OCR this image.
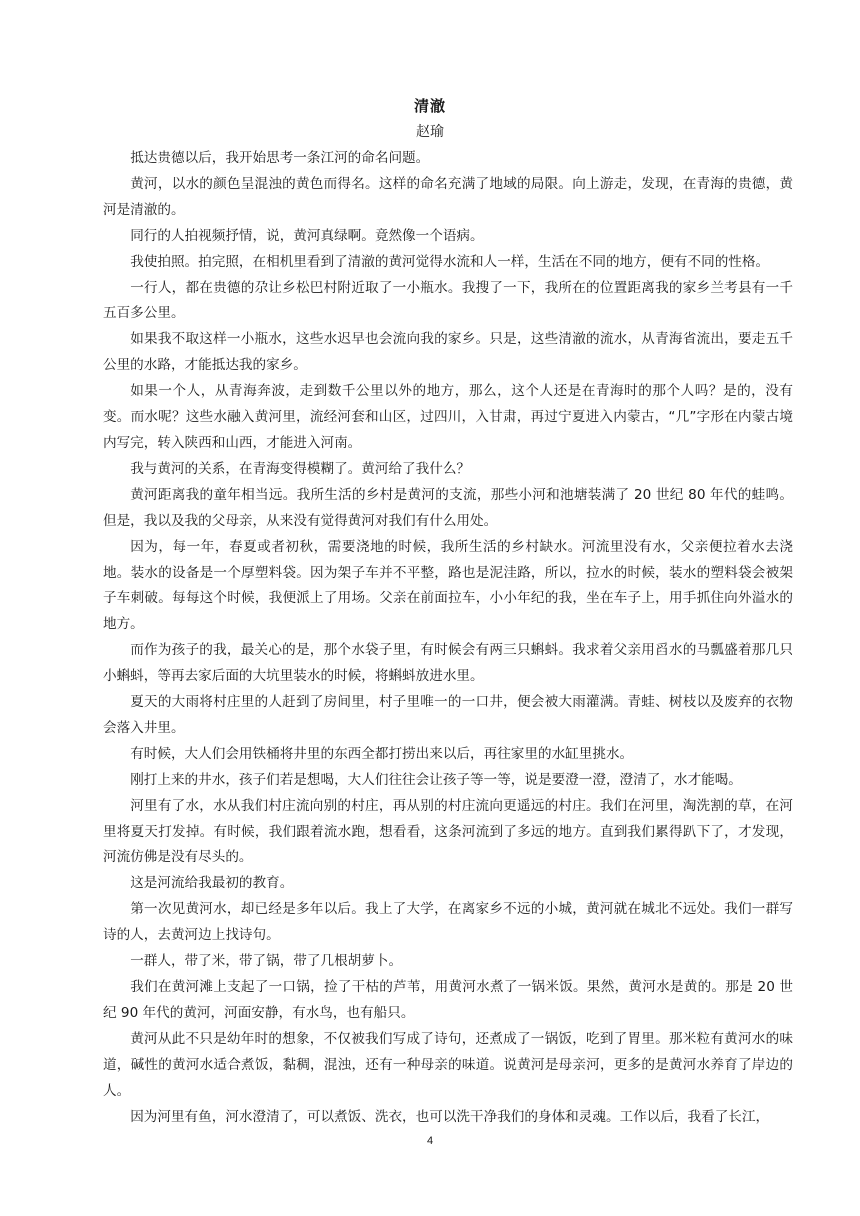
清澈
赵瑜

抵达贵德以后，我开始思考一条江河的命名问题。

黄河，以水的颜色呈混浊的黄色而得名。这样的命名充满了地域的局限。向上游走，发现，在青海的贵德，黄河是清澈的。

同行的人拍视频抒情，说，黄河真绿啊。竟然像一个语病。

我使拍照。拍完照，在相机里看到了清澈的黄河觉得水流和人一样，生活在不同的地方，便有不同的性格。

一行人，都在贵德的尕让乡松巴村附近取了一小瓶水。我搜了一下，我所在的位置距离我的家乡兰考县有一千五百多公里。

如果我不取这样一小瓶水，这些水迟早也会流向我的家乡。只是，这些清澈的流水，从青海省流出，要走五千公里的水路，才能抵达我的家乡。

如果一个人，从青海奔波，走到数千公里以外的地方，那么，这个人还是在青海时的那个人吗？是的，没有变。而水呢？这些水融入黄河里，流经河套和山区，过四川，入甘肃，再过宁夏进入内蒙古，“几”字形在内蒙古境内写完，转入陕西和山西，才能进入河南。

我与黄河的关系，在青海变得模糊了。黄河给了我什么？

黄河距离我的童年相当远。我所生活的乡村是黄河的支流，那些小河和池塘装满了 20 世纪 80 年代的蛙鸣。但是，我以及我的父母亲，从来没有觉得黄河对我们有什么用处。

因为，每一年，春夏或者初秋，需要浇地的时候，我所生活的乡村缺水。河流里没有水，父亲便拉着水去浇地。装水的设备是一个厚塑料袋。因为架子车并不平整，路也是泥洼路，所以，拉水的时候，装水的塑料袋会被架子车刺破。每每这个时候，我便派上了用场。父亲在前面拉车，小小年纪的我，坐在车子上，用手抓住向外溢水的地方。

而作为孩子的我，最关心的是，那个水袋子里，有时候会有两三只蝌蚪。我求着父亲用舀水的马瓢盛着那几只小蝌蚪，等再去家后面的大坑里装水的时候，将蝌蚪放进水里。

夏天的大雨将村庄里的人赶到了房间里，村子里唯一的一口井，便会被大雨灌满。青蛙、树枝以及废弃的衣物会落入井里。

有时候，大人们会用铁桶将井里的东西全都打捞出来以后，再往家里的水缸里挑水。

刚打上来的井水，孩子们若是想喝，大人们往往会让孩子等一等，说是要澄一澄，澄清了，水才能喝。

河里有了水，水从我们村庄流向别的村庄，再从别的村庄流向更遥远的村庄。我们在河里，淘洗割的草，在河里将夏天打发掉。有时候，我们跟着流水跑，想看看，这条河流到了多远的地方。直到我们累得趴下了，才发现，河流仿佛是没有尽头的。

这是河流给我最初的教育。

第一次见黄河水，却已经是多年以后。我上了大学，在离家乡不远的小城，黄河就在城北不远处。我们一群写诗的人，去黄河边上找诗句。

一群人，带了米，带了锅，带了几根胡萝卜。

我们在黄河滩上支起了一口锅，捡了干枯的芦苇，用黄河水煮了一锅米饭。果然，黄河水是黄的。那是 20 世纪 90 年代的黄河，河面安静，有水鸟，也有船只。

黄河从此不只是幼年时的想象，不仅被我们写成了诗句，还煮成了一锅饭，吃到了胃里。那米粒有黄河水的味道，碱性的黄河水适合煮饭，黏稠，混浊，还有一种母亲的味道。说黄河是母亲河，更多的是黄河水养育了岸边的人。

因为河里有鱼，河水澄清了，可以煮饭、洗衣，也可以洗干净我们的身体和灵魂。工作以后，我看了长江，

4
